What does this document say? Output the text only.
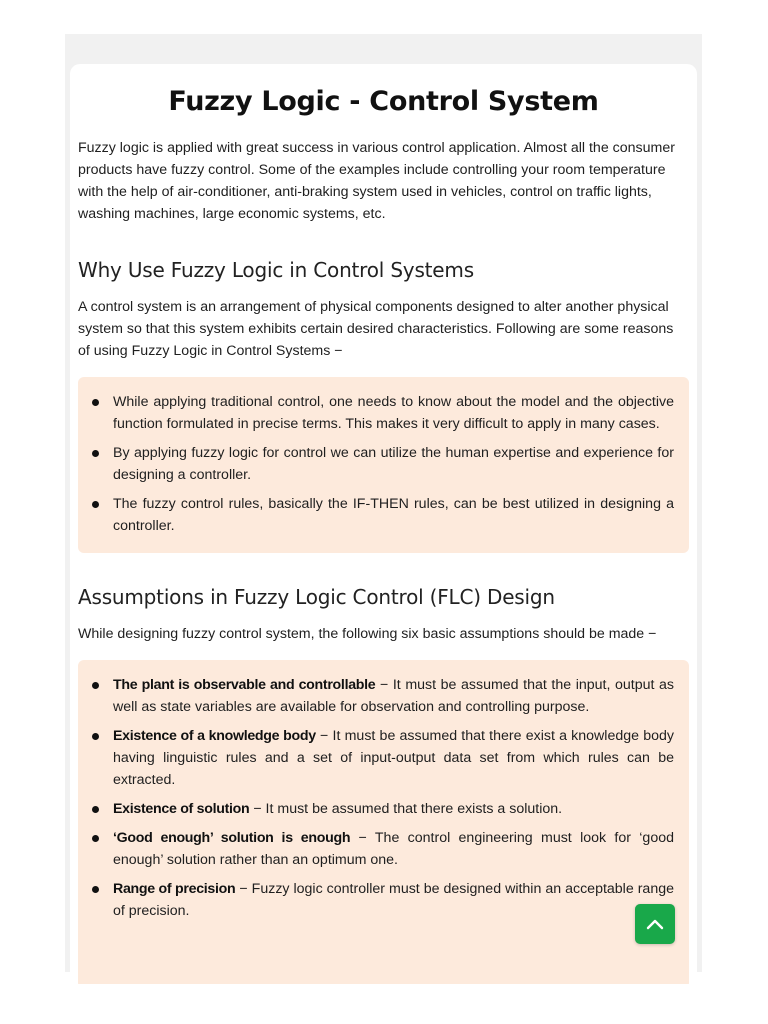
Fuzzy Logic - Control System

Fuzzy logic is applied with great success in various control application. Almost all the consumer products have fuzzy control. Some of the examples include controlling your room temperature with the help of air-conditioner, anti-braking system used in vehicles, control on traffic lights, washing machines, large economic systems, etc.

Why Use Fuzzy Logic in Control Systems

A control system is an arrangement of physical components designed to alter another physical system so that this system exhibits certain desired characteristics. Following are some reasons of using Fuzzy Logic in Control Systems −

While applying traditional control, one needs to know about the model and the objective function formulated in precise terms. This makes it very difficult to apply in many cases.
By applying fuzzy logic for control we can utilize the human expertise and experience for designing a controller.
The fuzzy control rules, basically the IF-THEN rules, can be best utilized in designing a controller.
Assumptions in Fuzzy Logic Control (FLC) Design

While designing fuzzy control system, the following six basic assumptions should be made −

The plant is observable and controllable − It must be assumed that the input, output as well as state variables are available for observation and controlling purpose.
Existence of a knowledge body − It must be assumed that there exist a knowledge body having linguistic rules and a set of input-output data set from which rules can be extracted.
Existence of solution − It must be assumed that there exists a solution.
‘Good enough’ solution is enough − The control engineering must look for ‘good enough’ solution rather than an optimum one.
Range of precision − Fuzzy logic controller must be designed within an acceptable range of precision.
